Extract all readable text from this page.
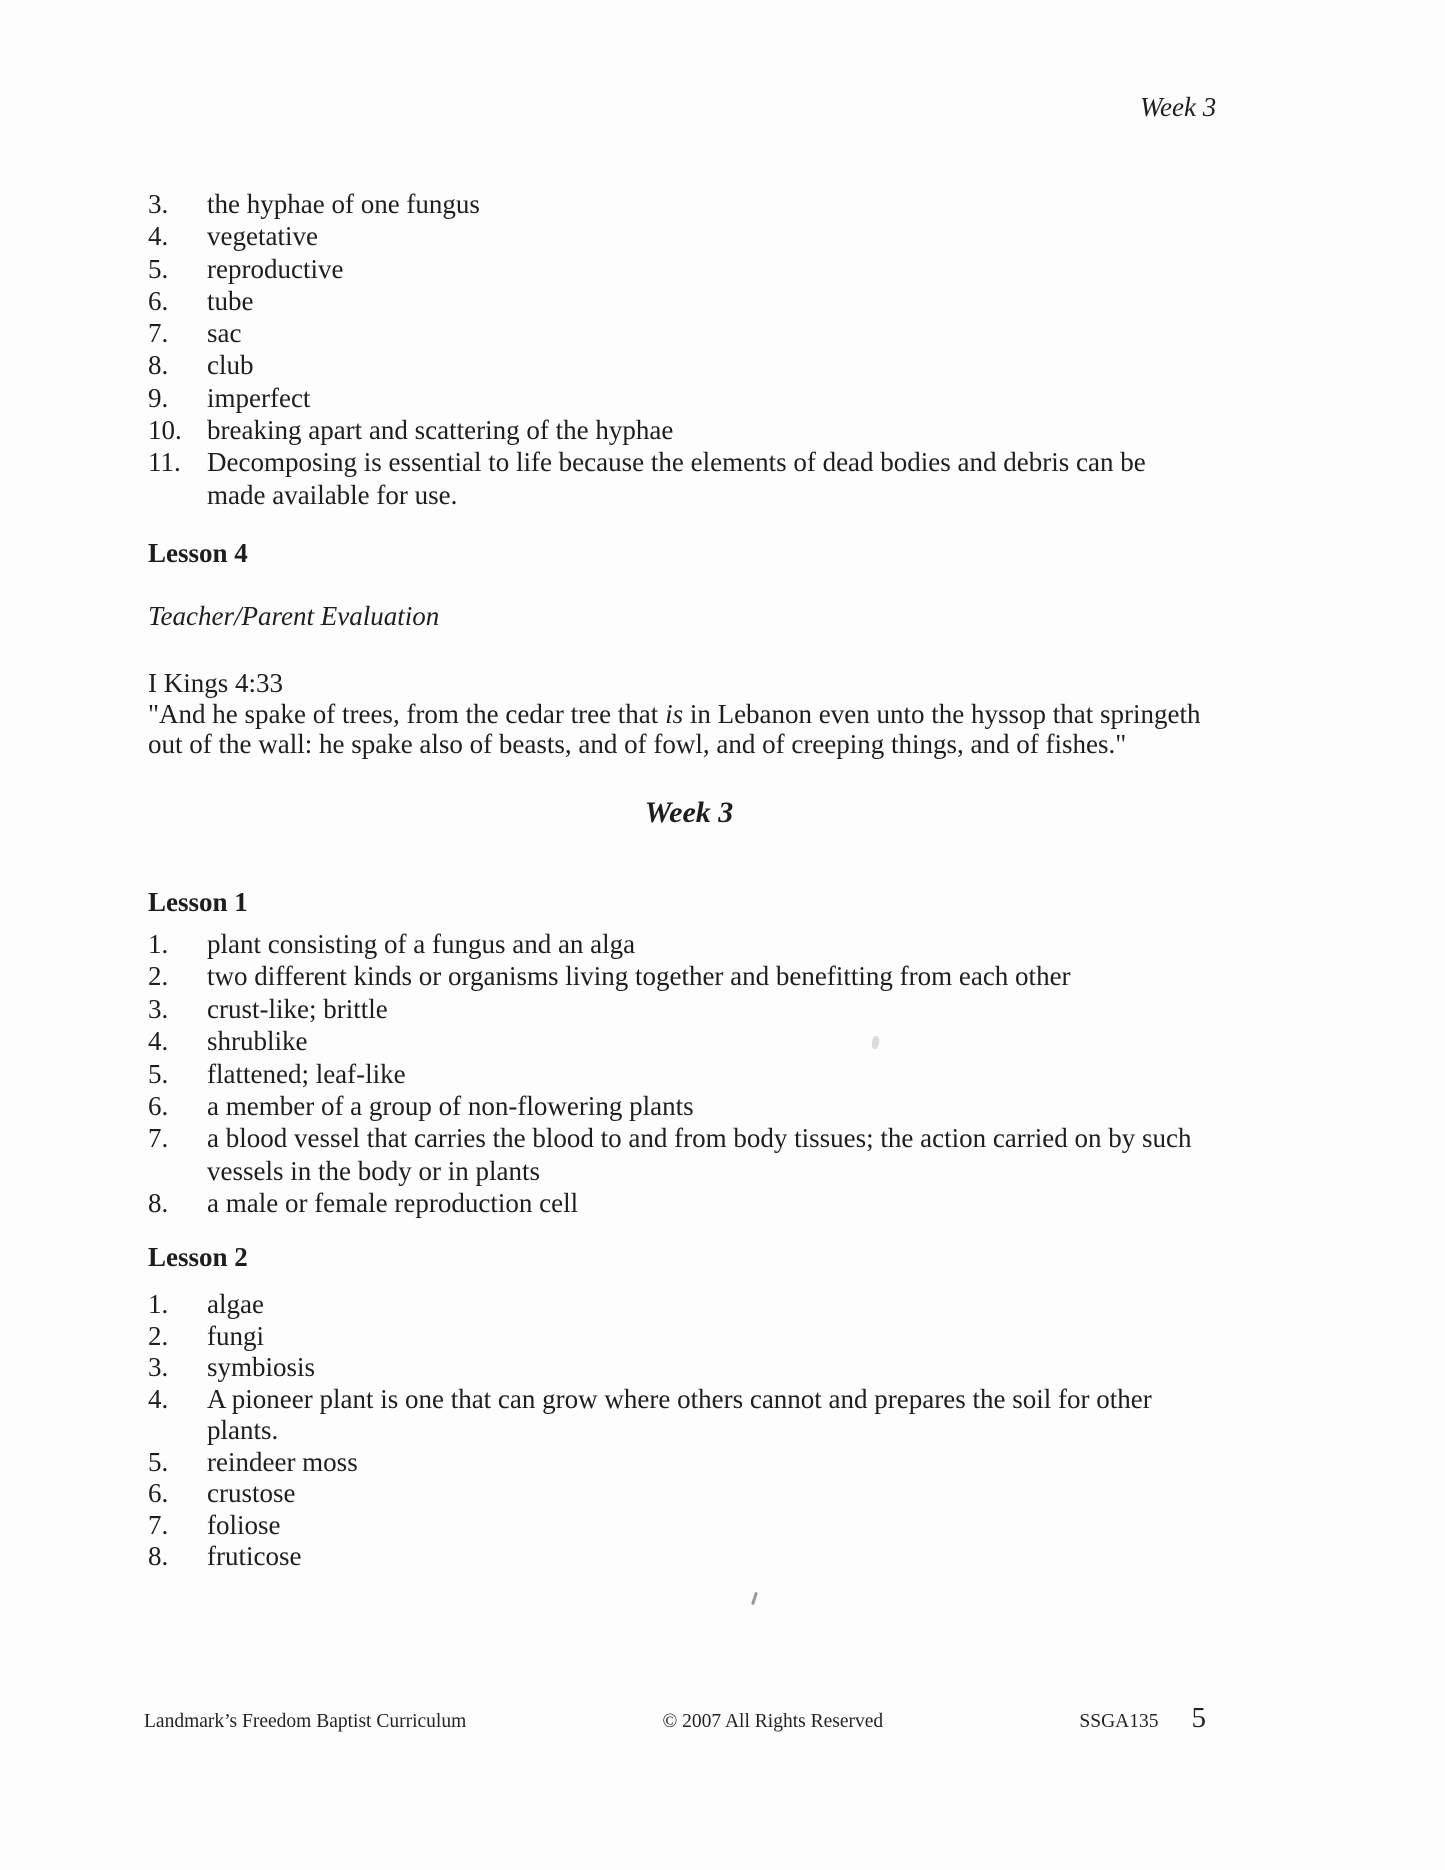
Week 3
3.	the hyphae of one fungus
4.	vegetative
5.	reproductive
6.	tube
7.	sac
8.	club
9.	imperfect
10. breaking apart and scattering of the hyphae
11. Decomposing is essential to life because the elements of dead bodies and debris can be
made available for use.
Lesson 4
Teacher/Parent Evaluation
I Kings 4:33
"And he spake of trees, from the cedar tree that is in Lebanon even unto the hyssop that springeth
out of the wall: he spake also of beasts, and of fowl, and of creeping things, and of fishes."
Week 3
Lesson 1
1.	plant consisting of a fungus and an alga
2.	two different kinds or organisms living together and benefitting from each other
3.	crust-like; brittle
4.	shrublike
5.	flattened; leaf-like
6.	a member of a group of non-flowering plants
7.	a blood vessel that carries the blood to and from body tissues; the action carried on by such
vessels in the body or in plants
8.	a male or female reproduction cell
Lesson 2
1.	algae
2.	fungi
3.	symbiosis
4.	A pioneer plant is one that can grow where others cannot and prepares the soil for other
plants.
5.	reindeer moss
6.	crustose
7.	foliose
8.	fruticose
Landmark’s Freedom Baptist Curriculum	© 2007 All Rights Reserved	SSGA135 5
